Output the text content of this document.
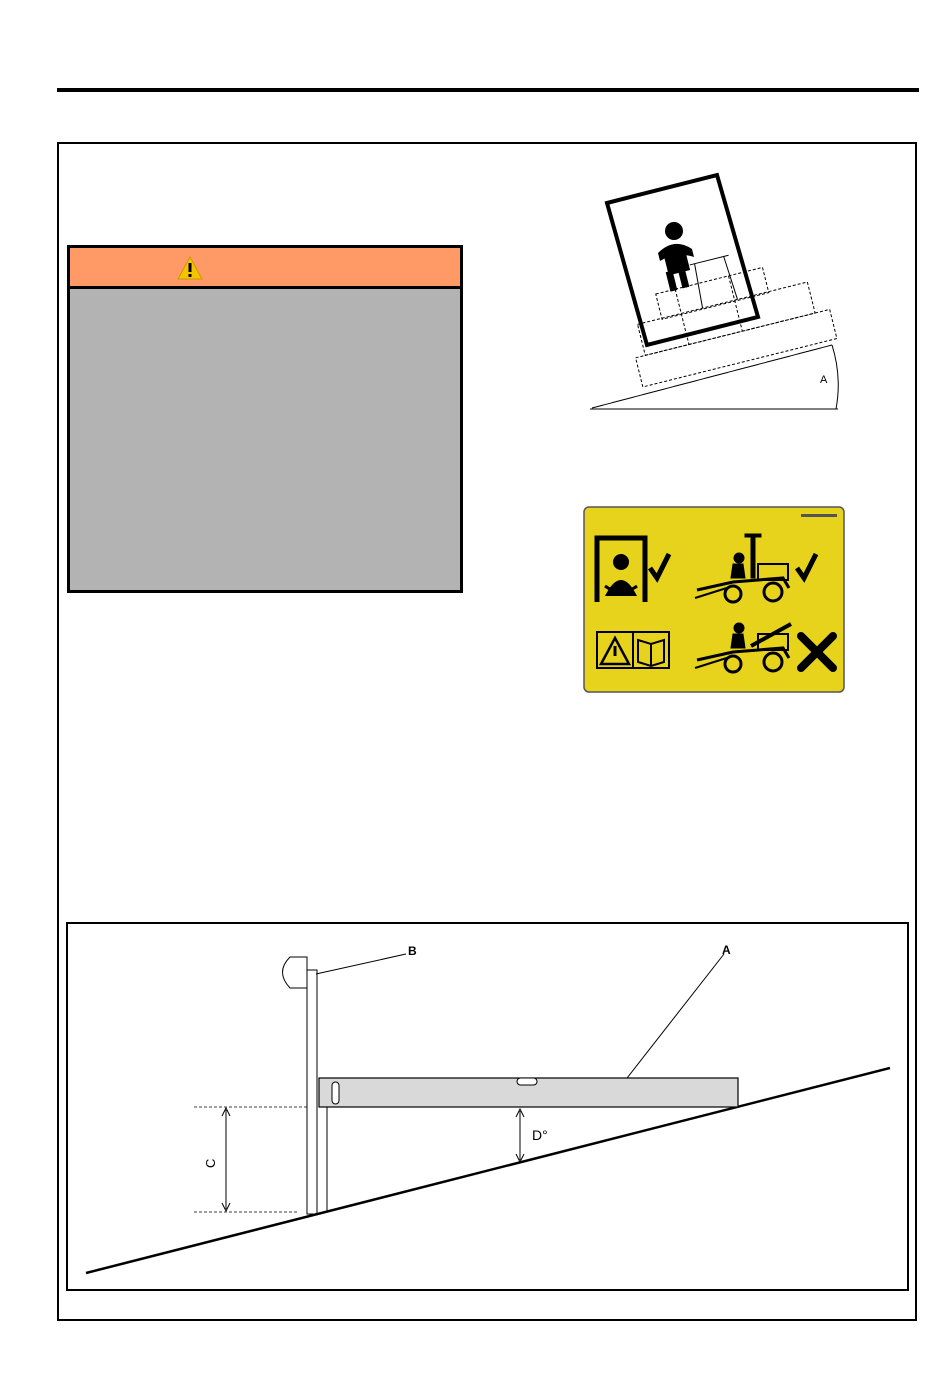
A
B	A
C
D°
